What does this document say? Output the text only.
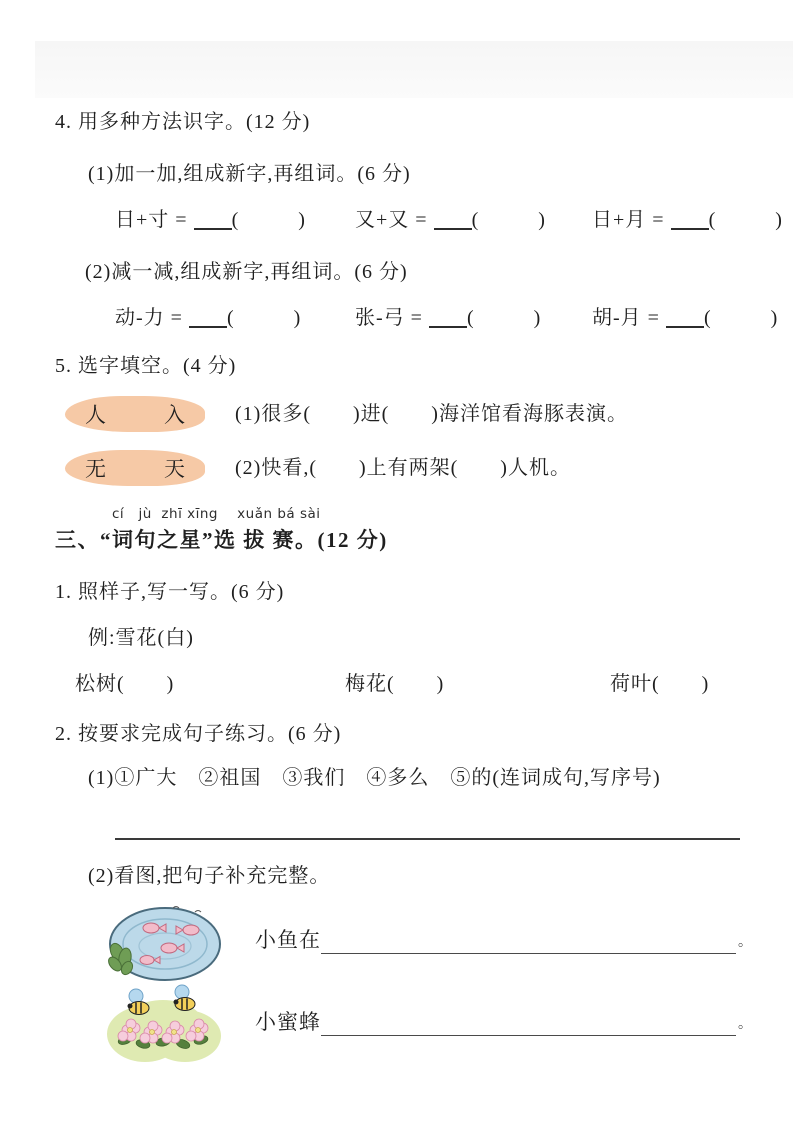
4. 用多种方法识字。(12 分)
(1)加一加,组成新字,再组词。(6 分)
日+寸 = (　　　)	又+又 = (　　　)	日+月 = (　　　)
(2)减一减,组成新字,再组词。(6 分)
动-力 = (　　　)	张-弓 = (　　　)	胡-月 = (　　　)
5. 选字填空。(4 分)
人	入	(1)很多(　　)进(　　)海洋馆看海豚表演。
无	天	(2)快看,(　　)上有两架(　　)人机。
cí   jù  zhī xīng    xuǎn bá sài
三、“词句之星”选 拔 赛。(12 分)
1. 照样子,写一写。(6 分)
例:雪花(白)
松树(　　)	梅花(　　)	荷叶(　　)
2. 按要求完成句子练习。(6 分)
(1)①广大　②祖国　③我们　④多么　⑤的(连词成句,写序号)
(2)看图,把句子补充完整。
小鱼在	。
小蜜蜂	。
